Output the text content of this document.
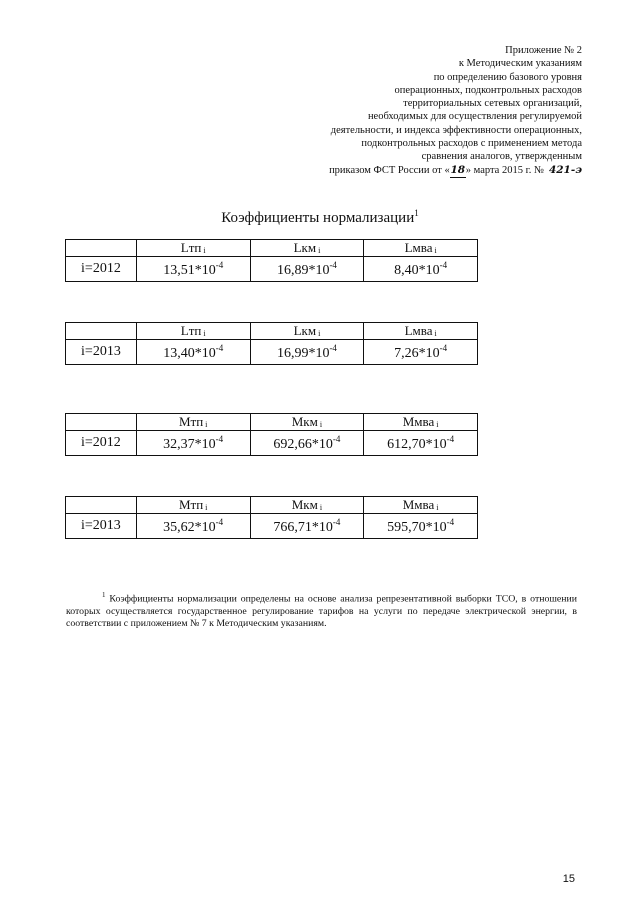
Приложение № 2
к Методическим указаниям
по определению базового уровня
операционных, подконтрольных расходов
территориальных сетевых организаций,
необходимых для осуществления регулируемой
деятельности, и индекса эффективности операционных,
подконтрольных расходов с применением метода
сравнения аналогов, утвержденным
приказом ФСТ России от «18» марта 2015 г. № 421-э
Коэффициенты нормализации$^1$
	Lтп i	Lкм i	Lмва i
i=2012	$13,51*10^{-4}$	$16,89*10^{-4}$	$8,40*10^{-4}$
	Lтп i	Lкм i	Lмва i
i=2013	$13,40*10^{-4}$	$16,99*10^{-4}$	$7,26*10^{-4}$
	Мтп i	Мкм i	Ммва i
i=2012	$32,37*10^{-4}$	$692,66*10^{-4}$	$612,70*10^{-4}$
	Мтп i	Мкм i	Ммва i
i=2013	$35,62*10^{-4}$	$766,71*10^{-4}$	$595,70*10^{-4}$
$^1$ Коэффициенты нормализации определены на основе анализа репрезентативной выборки ТСО, в отношении которых осуществляется государственное регулирование тарифов на услуги по передаче электрической энергии, в соответствии с приложением № 7 к Методическим указаниям.
15
